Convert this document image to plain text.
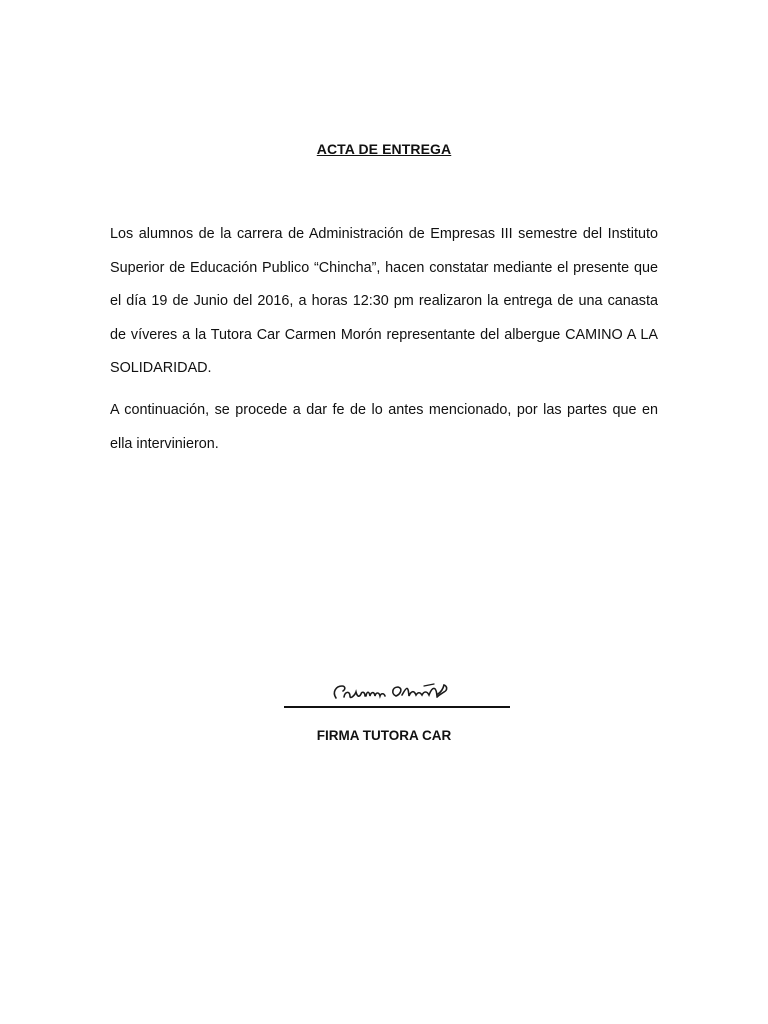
ACTA DE ENTREGA

Los alumnos de la carrera de Administración de Empresas III semestre del Instituto Superior de Educación Publico “Chincha”, hacen constatar mediante el presente que el día 19 de Junio del 2016, a horas 12:30 pm realizaron la entrega de una canasta de víveres a la Tutora Car Carmen Morón representante del albergue CAMINO A LA SOLIDARIDAD.

A continuación, se procede a dar fe de lo antes mencionado, por las partes que en ella intervinieron.

FIRMA TUTORA CAR
